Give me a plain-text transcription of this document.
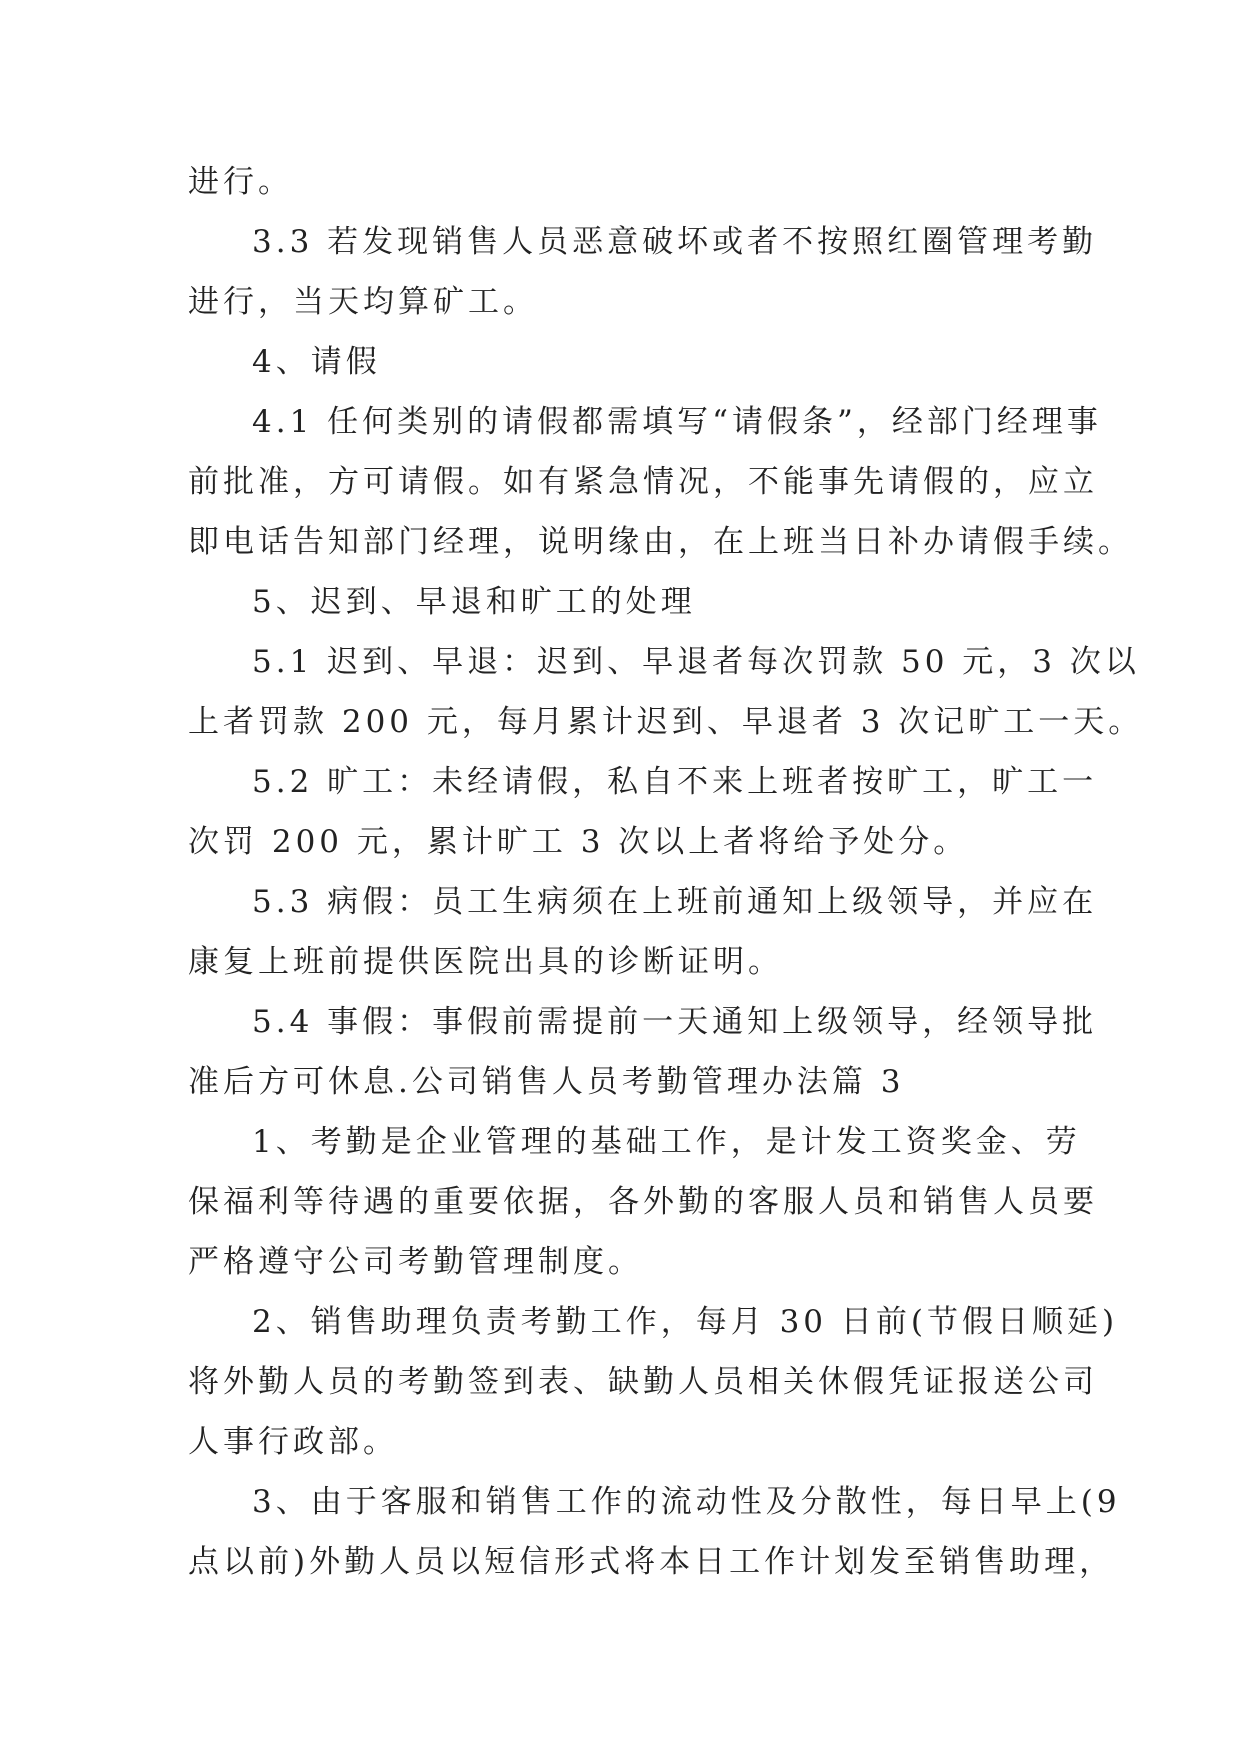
进行。
3.3 若发现销售人员恶意破坏或者不按照红圈管理考勤
进行，当天均算矿工。
4、请假
4.1 任何类别的请假都需填写“请假条”，经部门经理事
前批准，方可请假。如有紧急情况，不能事先请假的，应立
即电话告知部门经理，说明缘由，在上班当日补办请假手续。
5、迟到、早退和旷工的处理
5.1 迟到、早退：迟到、早退者每次罚款 50 元，3 次以
上者罚款 200 元，每月累计迟到、早退者 3 次记旷工一天。
5.2 旷工：未经请假，私自不来上班者按旷工，旷工一
次罚 200 元，累计旷工 3 次以上者将给予处分。
5.3 病假：员工生病须在上班前通知上级领导，并应在
康复上班前提供医院出具的诊断证明。
5.4 事假：事假前需提前一天通知上级领导，经领导批
准后方可休息.公司销售人员考勤管理办法篇 3
1、考勤是企业管理的基础工作，是计发工资奖金、劳
保福利等待遇的重要依据，各外勤的客服人员和销售人员要
严格遵守公司考勤管理制度。
2、销售助理负责考勤工作，每月 30 日前(节假日顺延)
将外勤人员的考勤签到表、缺勤人员相关休假凭证报送公司
人事行政部。
3、由于客服和销售工作的流动性及分散性，每日早上(9
点以前)外勤人员以短信形式将本日工作计划发至销售助理，
